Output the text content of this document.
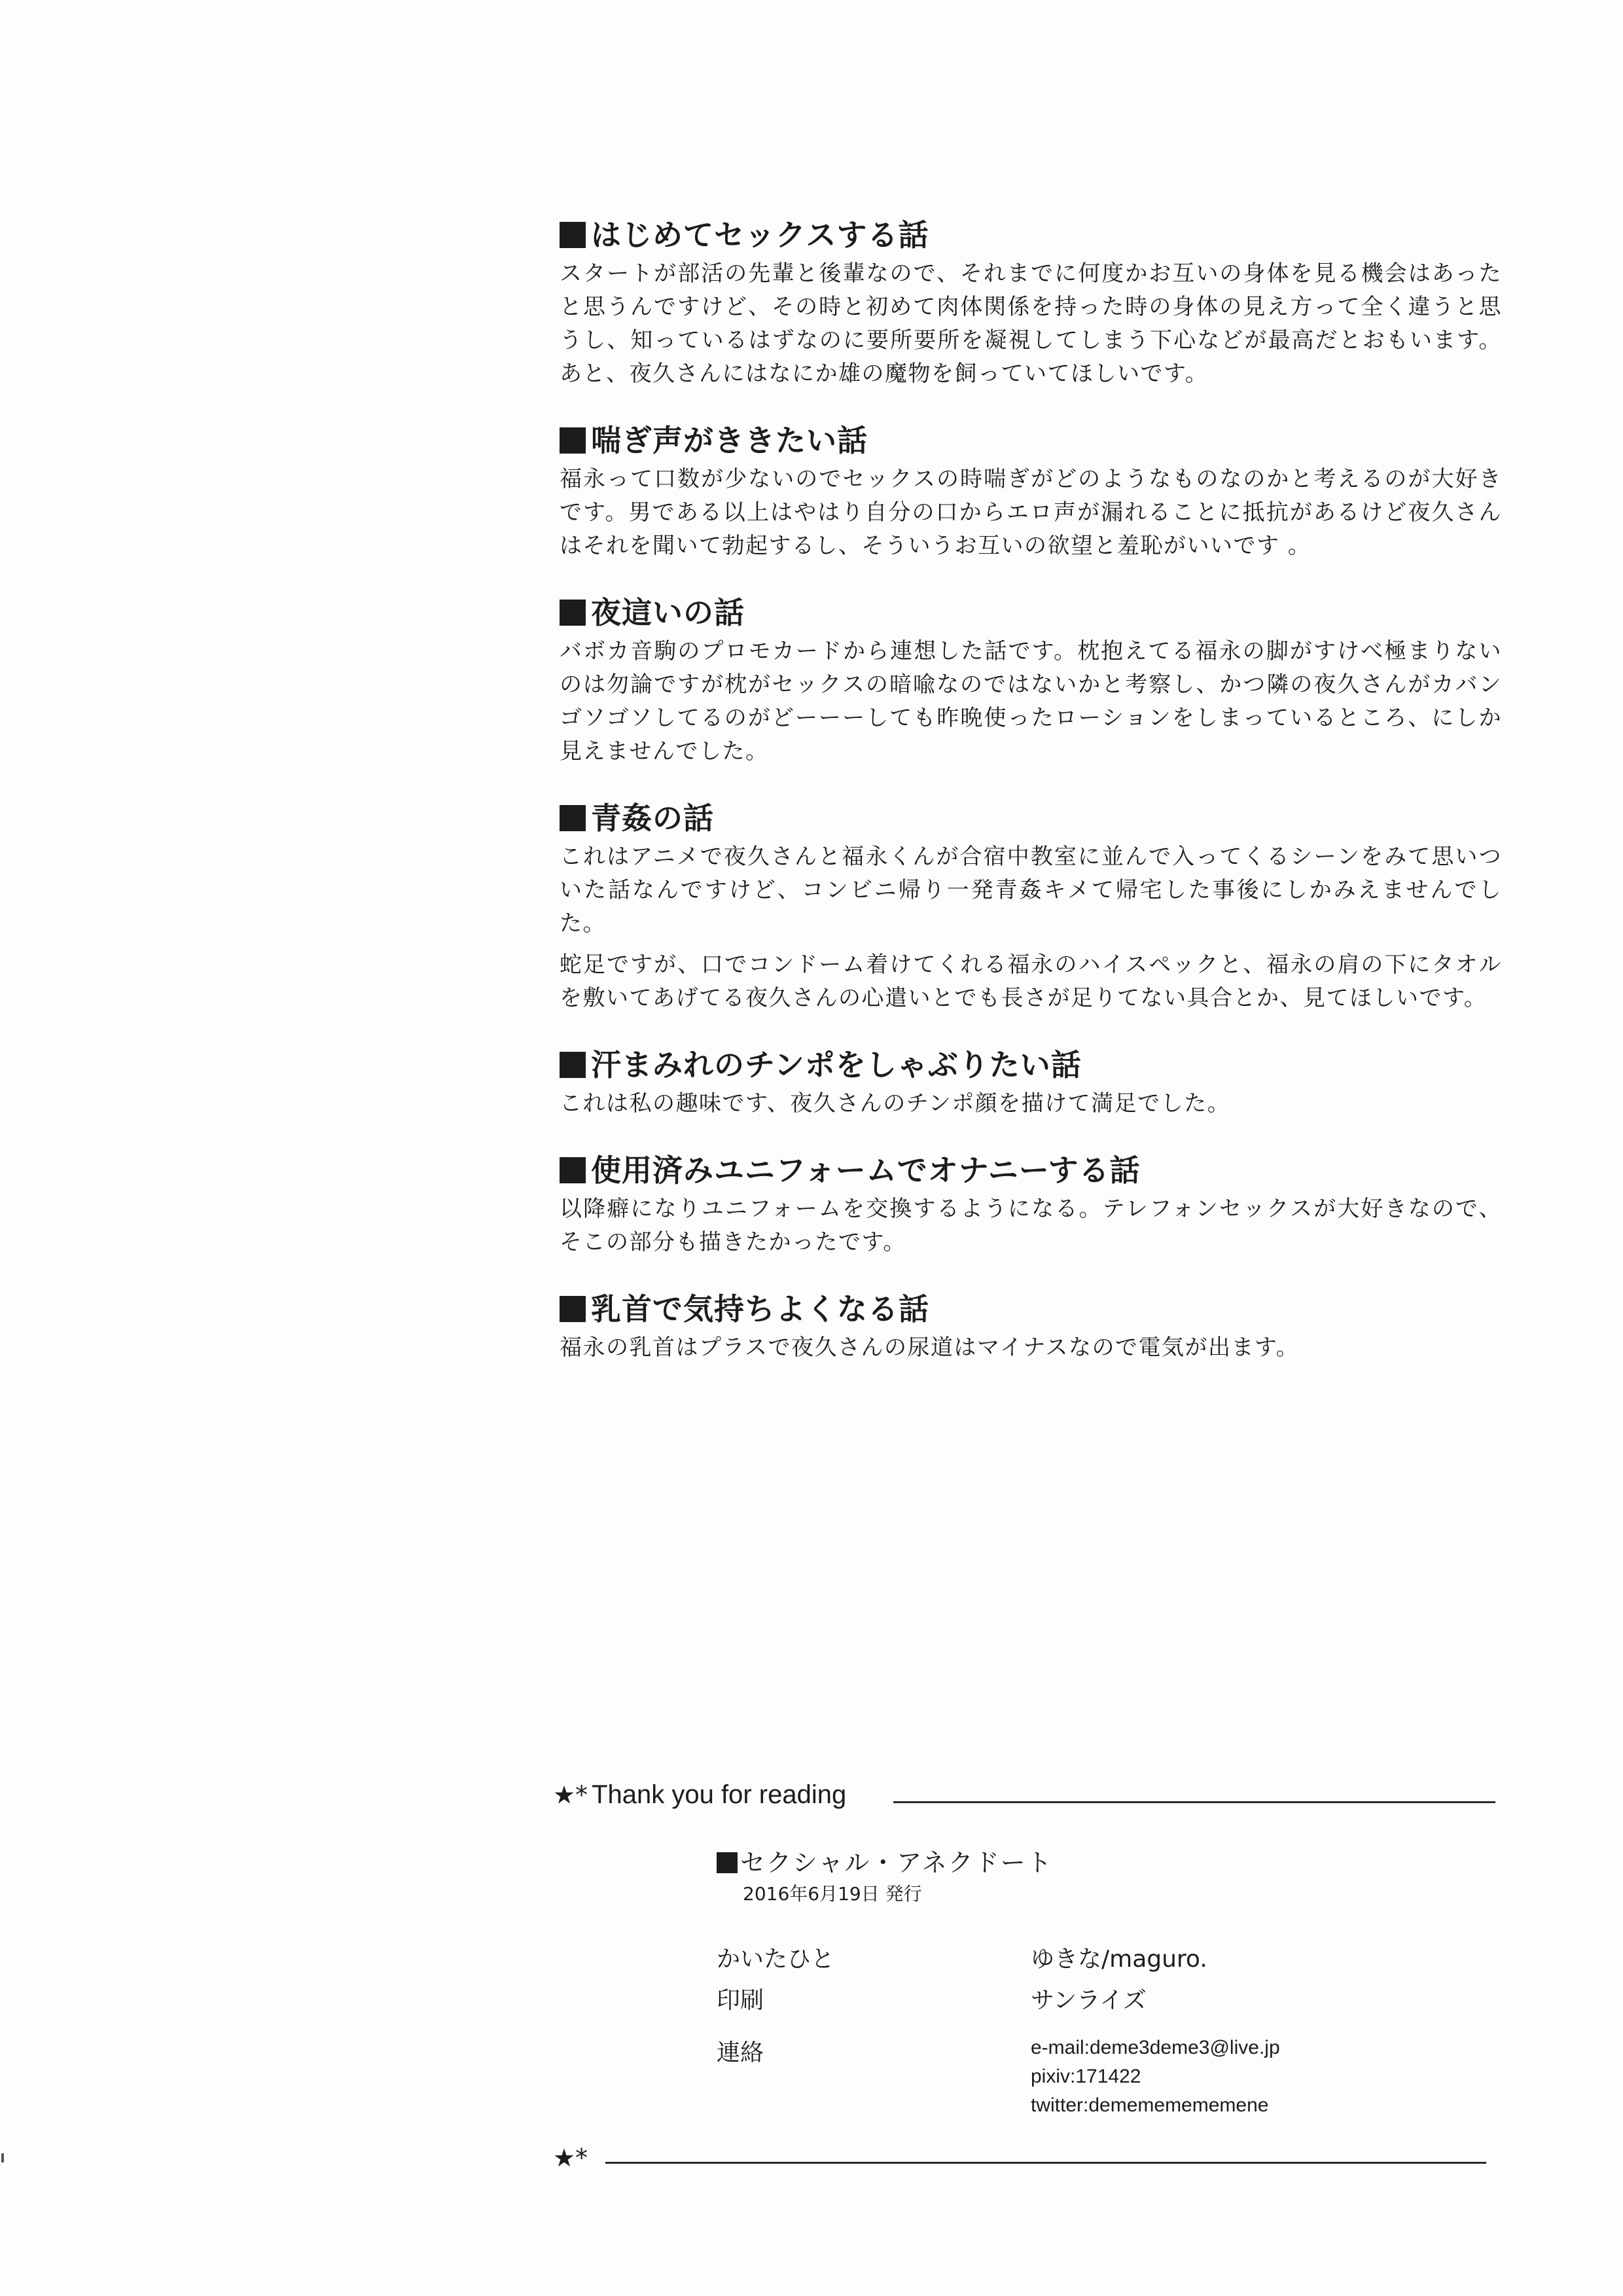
はじめてセックスする話

スタートが部活の先輩と後輩なので、それまでに何度かお互いの身体を見る機会はあったと思うんですけど、その時と初めて肉体関係を持った時の身体の見え方って全く違うと思うし、知っているはずなのに要所要所を凝視してしまう下心などが最高だとおもいます。あと、夜久さんにはなにか雄の魔物を飼っていてほしいです。

喘ぎ声がききたい話

福永って口数が少ないのでセックスの時喘ぎがどのようなものなのかと考えるのが大好きです。男である以上はやはり自分の口からエロ声が漏れることに抵抗があるけど夜久さんはそれを聞いて勃起するし、そういうお互いの欲望と羞恥がいいです 。

夜這いの話

バボカ音駒のプロモカードから連想した話です。枕抱えてる福永の脚がすけべ極まりないのは勿論ですが枕がセックスの暗喩なのではないかと考察し、かつ隣の夜久さんがカバンゴソゴソしてるのがどーーーしても昨晩使ったローションをしまっているところ、にしか見えませんでした。

青姦の話

これはアニメで夜久さんと福永くんが合宿中教室に並んで入ってくるシーンをみて思いついた話なんですけど、コンビニ帰り一発青姦キメて帰宅した事後にしかみえませんでした。

蛇足ですが、口でコンドーム着けてくれる福永のハイスペックと、福永の肩の下にタオルを敷いてあげてる夜久さんの心遣いとでも長さが足りてない具合とか、見てほしいです。

汗まみれのチンポをしゃぶりたい話

これは私の趣味です、夜久さんのチンポ顔を描けて満足でした。

使用済みユニフォームでオナニーする話

以降癖になりユニフォームを交換するようになる。テレフォンセックスが大好きなので、そこの部分も描きたかったです。

乳首で気持ちよくなる話

福永の乳首はプラスで夜久さんの尿道はマイナスなので電気が出ます。

★* Thank you for reading
セクシャル・アネクドート
2016年6月19日 発行
かいたひと	ゆきな/maguro.
印刷	サンライズ
連絡	e-mail:deme3deme3@live.jp
pixiv:171422
twitter:demememememene
★*
